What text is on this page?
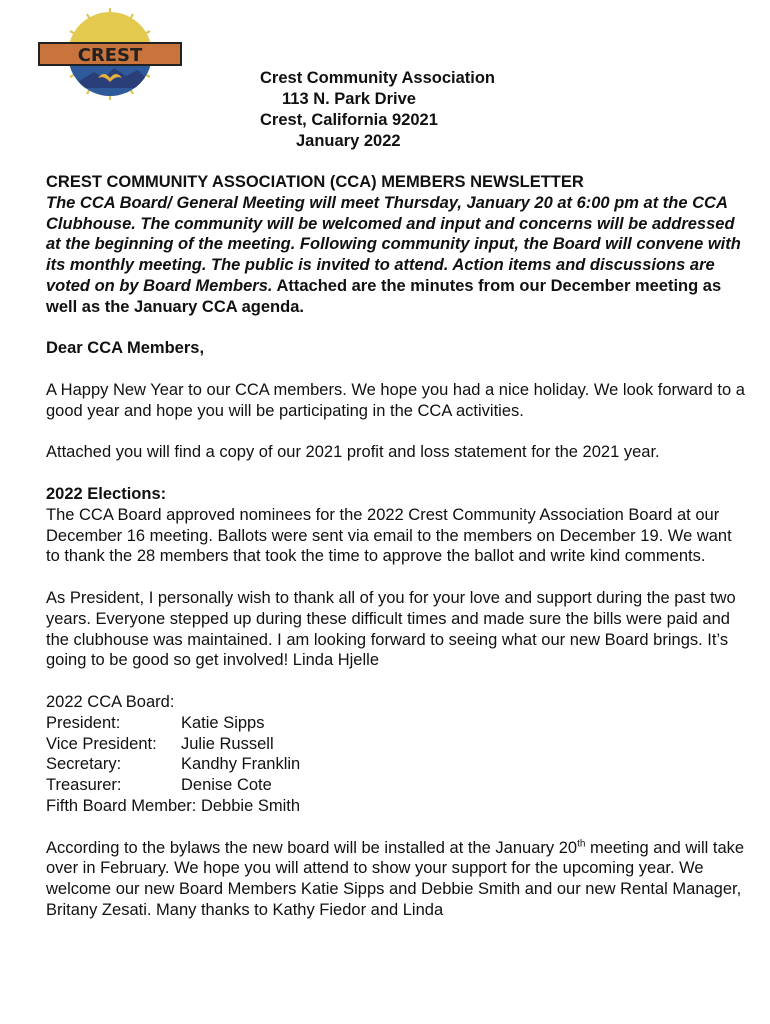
CREST
Crest Community Association
113 N. Park Drive
Crest, California 92021
January 2022
CREST COMMUNITY ASSOCIATION (CCA) MEMBERS NEWSLETTER
The CCA Board/ General Meeting will meet Thursday, January 20 at 6:00 pm at the CCA Clubhouse. The community will be welcomed and input and concerns will be addressed at the beginning of the meeting. Following community input, the Board will convene with its monthly meeting. The public is invited to attend. Action items and discussions are voted on by Board Members. Attached are the minutes from our December meeting as well as the January CCA agenda.
Dear CCA Members,
A Happy New Year to our CCA members. We hope you had a nice holiday. We look forward to a good year and hope you will be participating in the CCA activities.
Attached you will find a copy of our 2021 profit and loss statement for the 2021 year.
2022 Elections:
The CCA Board approved nominees for the 2022 Crest Community Association Board at our December 16 meeting. Ballots were sent via email to the members on December 19. We want to thank the 28 members that took the time to approve the ballot and write kind comments.
As President, I personally wish to thank all of you for your love and support during the past two years. Everyone stepped up during these difficult times and made sure the bills were paid and the clubhouse was maintained. I am looking forward to seeing what our new Board brings. It’s going to be good so get involved! Linda Hjelle
2022 CCA Board:
President:	Katie Sipps
Vice President:	Julie Russell
Secretary:	Kandhy Franklin
Treasurer:	Denise Cote
Fifth Board Member: Debbie Smith
According to the bylaws the new board will be installed at the January 20th meeting and will take over in February. We hope you will attend to show your support for the upcoming year. We welcome our new Board Members Katie Sipps and Debbie Smith and our new Rental Manager, Britany Zesati. Many thanks to Kathy Fiedor and Linda
